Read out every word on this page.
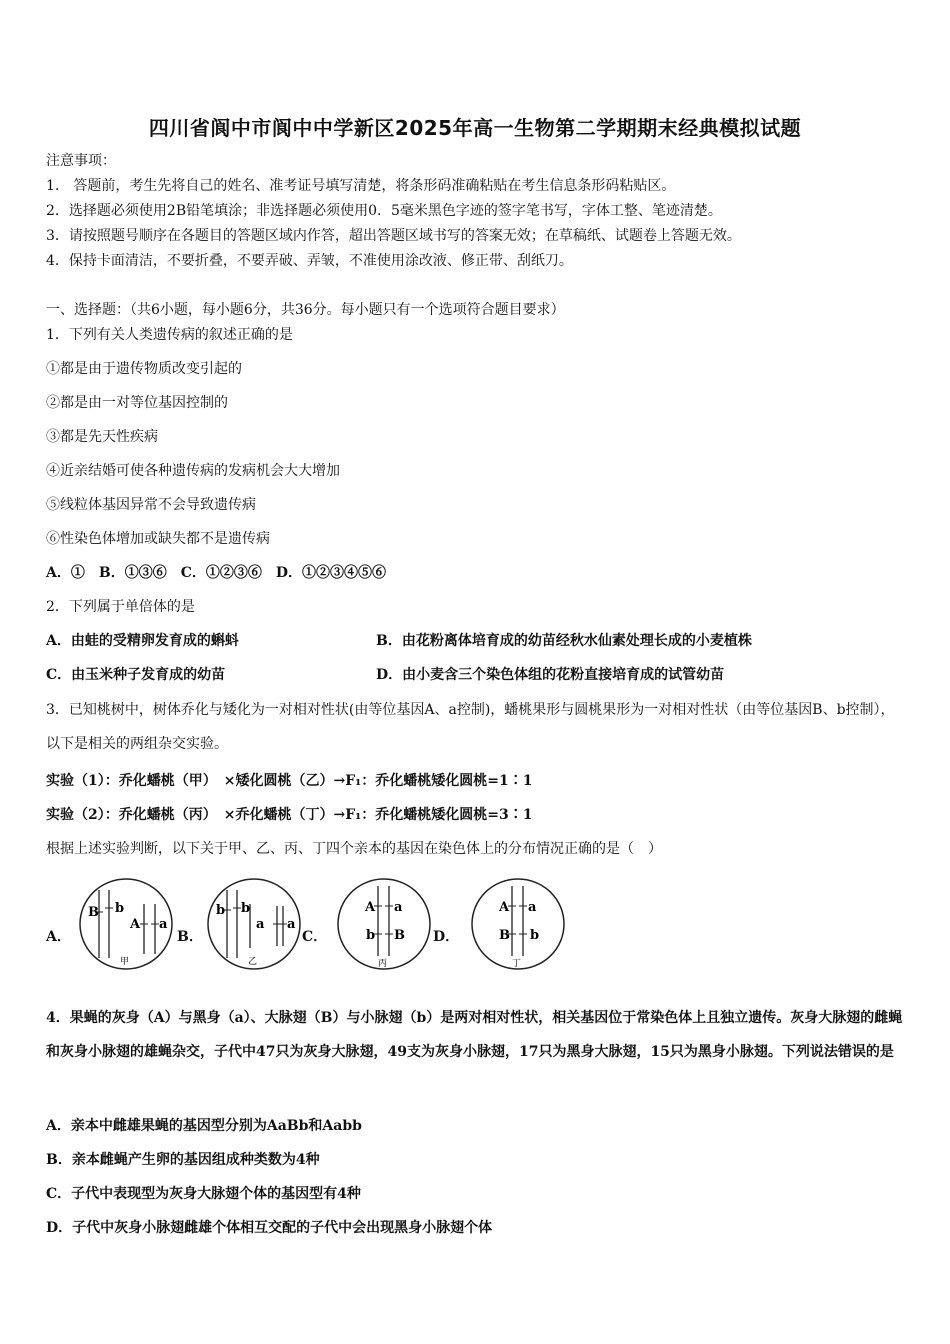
四川省阆中市阆中中学新区2025年高一生物第二学期期末经典模拟试题
注意事项：
1.　答题前，考生先将自己的姓名、准考证号填写清楚，将条形码准确粘贴在考生信息条形码粘贴区。
2．选择题必须使用2B铅笔填涂；非选择题必须使用0．5毫米黑色字迹的签字笔书写，字体工整、笔迹清楚。
3．请按照题号顺序在各题目的答题区域内作答，超出答题区域书写的答案无效；在草稿纸、试题卷上答题无效。
4．保持卡面清洁，不要折叠，不要弄破、弄皱，不准使用涂改液、修正带、刮纸刀。
一、选择题：（共6小题，每小题6分，共36分。每小题只有一个选项符合题目要求）
1．下列有关人类遗传病的叙述正确的是
①都是由于遗传物质改变引起的
②都是由一对等位基因控制的
③都是先天性疾病
④近亲结婚可使各种遗传病的发病机会大大增加
⑤线粒体基因异常不会导致遗传病
⑥性染色体增加或缺失都不是遗传病
A．①　B．①③⑥　C．①②③⑥　D．①②③④⑤⑥
2．下列属于单倍体的是
A．由蛙的受精卵发育成的蝌蚪	B．由花粉离体培育成的幼苗经秋水仙素处理长成的小麦植株
C．由玉米种子发育成的幼苗	D．由小麦含三个染色体组的花粉直接培育成的试管幼苗
3．已知桃树中，树体乔化与矮化为一对相对性状(由等位基因A、a控制)，蟠桃果形与圆桃果形为一对相对性状（由等位基因B、b控制），以下是相关的两组杂交实验。
实验（1）：乔化蟠桃（甲）　×矮化圆桃（乙）→F₁：乔化蟠桃矮化圆桃=1∶1
实验（2）：乔化蟠桃（丙）　×乔化蟠桃（丁）→F₁：乔化蟠桃矮化圆桃=3∶1
根据上述实验判断，以下关于甲、乙、丙、丁四个亲本的基因在染色体上的分布情况正确的是（　）
A．
B b
A a
甲
B．
b b
a a
乙
C．
A a
b B
丙
D．
A a
B b
丁
4．果蝇的灰身（A）与黑身（a）、大脉翅（B）与小脉翅（b）是两对相对性状，相关基因位于常染色体上且独立遗传。灰身大脉翅的雌蝇和灰身小脉翅的雄蝇杂交，子代中47只为灰身大脉翅，49支为灰身小脉翅，17只为黑身大脉翅，15只为黑身小脉翅。下列说法错误的是
A．亲本中雌雄果蝇的基因型分别为AaBb和Aabb
B．亲本雌蝇产生卵的基因组成种类数为4种
C．子代中表现型为灰身大脉翅个体的基因型有4种
D．子代中灰身小脉翅雌雄个体相互交配的子代中会出现黑身小脉翅个体
